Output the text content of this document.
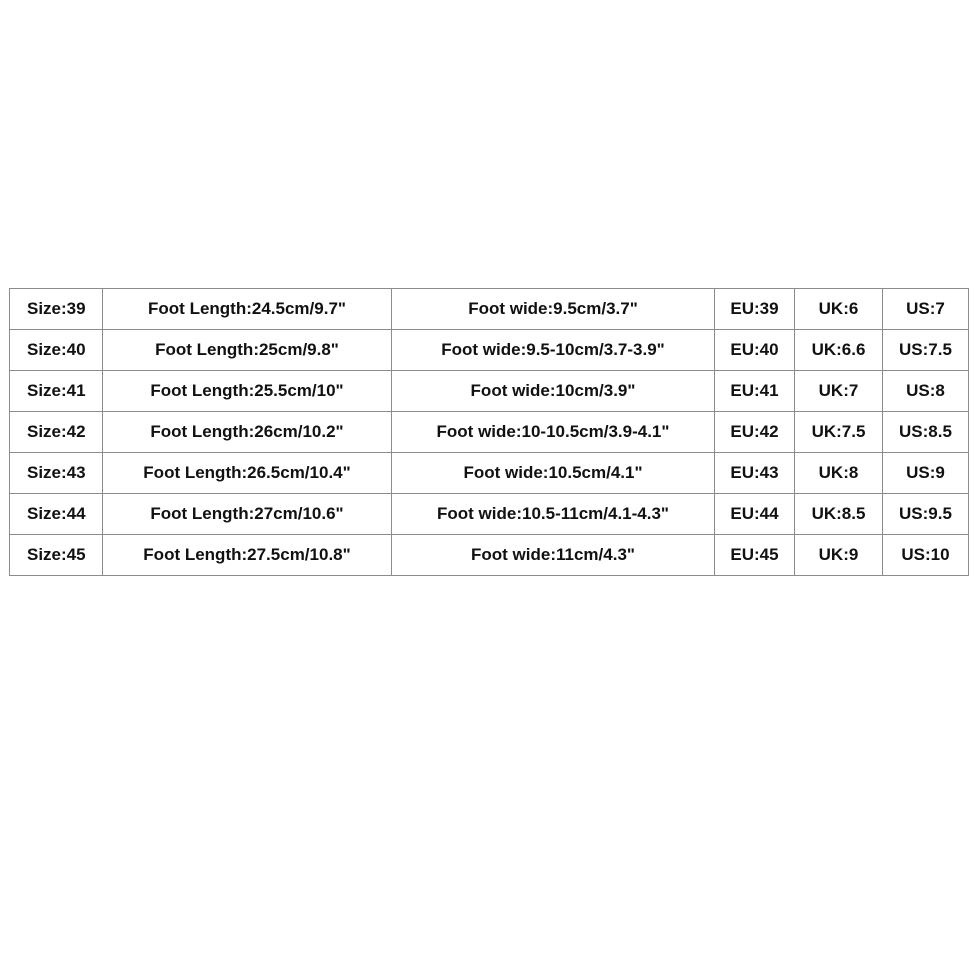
Size:39	Foot Length:24.5cm/9.7"	Foot wide:9.5cm/3.7"	EU:39	UK:6	US:7
Size:40	Foot Length:25cm/9.8"	Foot wide:9.5-10cm/3.7-3.9"	EU:40	UK:6.6	US:7.5
Size:41	Foot Length:25.5cm/10"	Foot wide:10cm/3.9"	EU:41	UK:7	US:8
Size:42	Foot Length:26cm/10.2"	Foot wide:10-10.5cm/3.9-4.1"	EU:42	UK:7.5	US:8.5
Size:43	Foot Length:26.5cm/10.4"	Foot wide:10.5cm/4.1"	EU:43	UK:8	US:9
Size:44	Foot Length:27cm/10.6"	Foot wide:10.5-11cm/4.1-4.3"	EU:44	UK:8.5	US:9.5
Size:45	Foot Length:27.5cm/10.8"	Foot wide:11cm/4.3"	EU:45	UK:9	US:10
